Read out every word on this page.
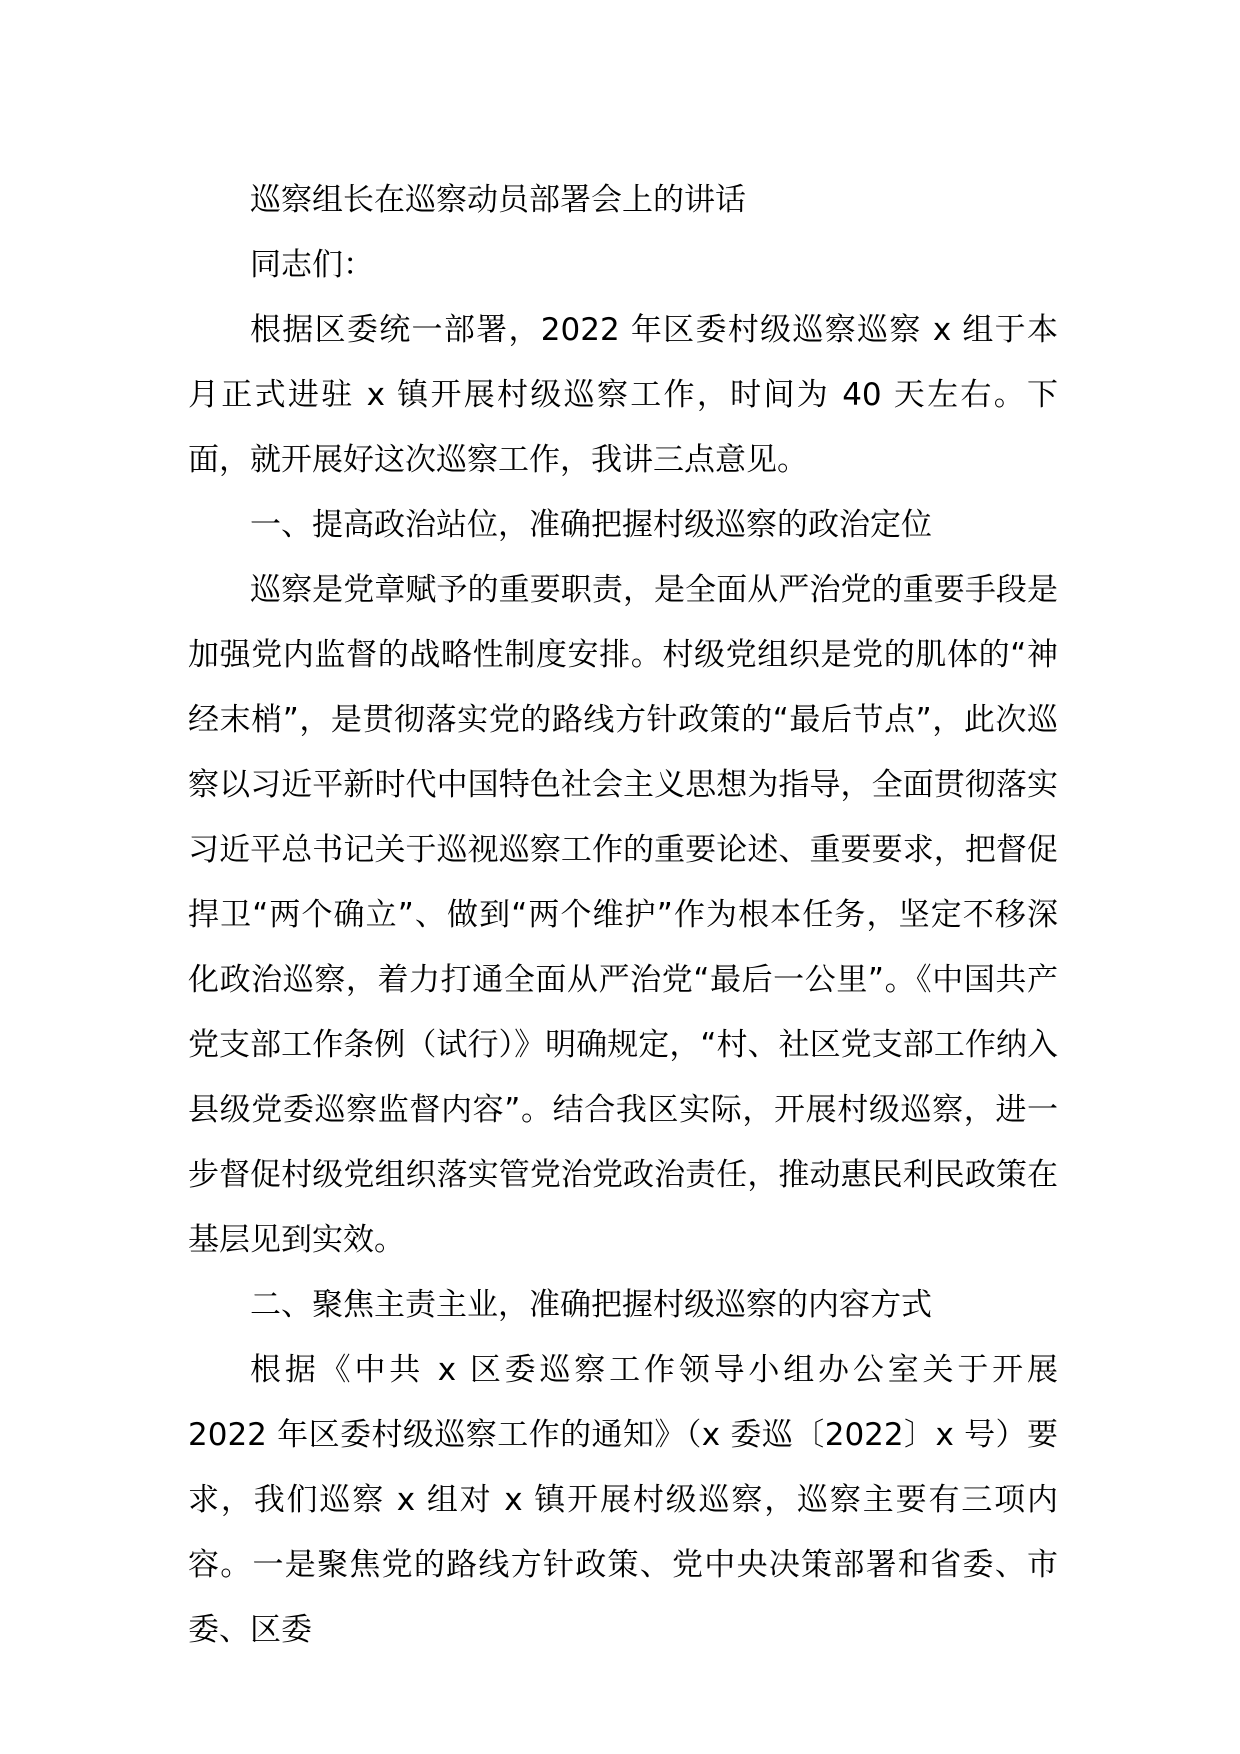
巡察组长在巡察动员部署会上的讲话

同志们：

根据区委统一部署，2022 年区委村级巡察巡察 x 组于本月正式进驻 x 镇开展村级巡察工作，时间为 40 天左右。下面，就开展好这次巡察工作，我讲三点意见。

一、提高政治站位，准确把握村级巡察的政治定位

巡察是党章赋予的重要职责，是全面从严治党的重要手段是加强党内监督的战略性制度安排。村级党组织是党的肌体的“神经末梢”，是贯彻落实党的路线方针政策的“最后节点”，此次巡察以习近平新时代中国特色社会主义思想为指导，全面贯彻落实习近平总书记关于巡视巡察工作的重要论述、重要要求，把督促捍卫“两个确立”、做到“两个维护”作为根本任务，坚定不移深化政治巡察，着力打通全面从严治党“最后一公里”。《中国共产党支部工作条例（试行）》明确规定，“村、社区党支部工作纳入县级党委巡察监督内容”。结合我区实际，开展村级巡察，进一步督促村级党组织落实管党治党政治责任，推动惠民利民政策在基层见到实效。

二、聚焦主责主业，准确把握村级巡察的内容方式

根据《中共 x 区委巡察工作领导小组办公室关于开展 2022 年区委村级巡察工作的通知》（x 委巡〔2022〕x 号）要求，我们巡察 x 组对 x 镇开展村级巡察，巡察主要有三项内容。一是聚焦党的路线方针政策、党中央决策部署和省委、市委、区委
